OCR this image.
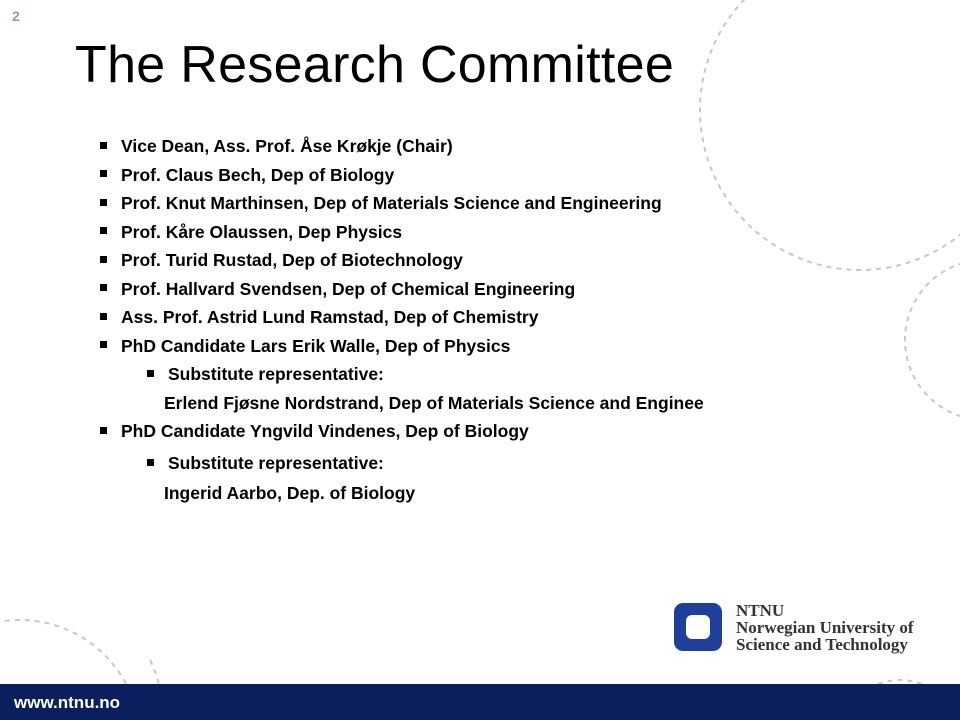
2
The Research Committee
Vice Dean, Ass. Prof. Åse Krøkje (Chair)
Prof. Claus Bech, Dep of Biology
Prof. Knut Marthinsen, Dep of Materials Science and Engineering
Prof. Kåre Olaussen, Dep Physics
Prof. Turid Rustad, Dep of Biotechnology
Prof. Hallvard Svendsen, Dep of Chemical Engineering
Ass. Prof. Astrid Lund Ramstad, Dep of Chemistry
PhD Candidate Lars Erik Walle, Dep of Physics
Substitute representative:
Erlend Fjøsne Nordstrand, Dep of Materials Science and Enginee
PhD Candidate Yngvild Vindenes, Dep of Biology
Substitute representative:
Ingerid Aarbo, Dep. of Biology
NTNU
Norwegian University of
Science and Technology
www.ntnu.no
